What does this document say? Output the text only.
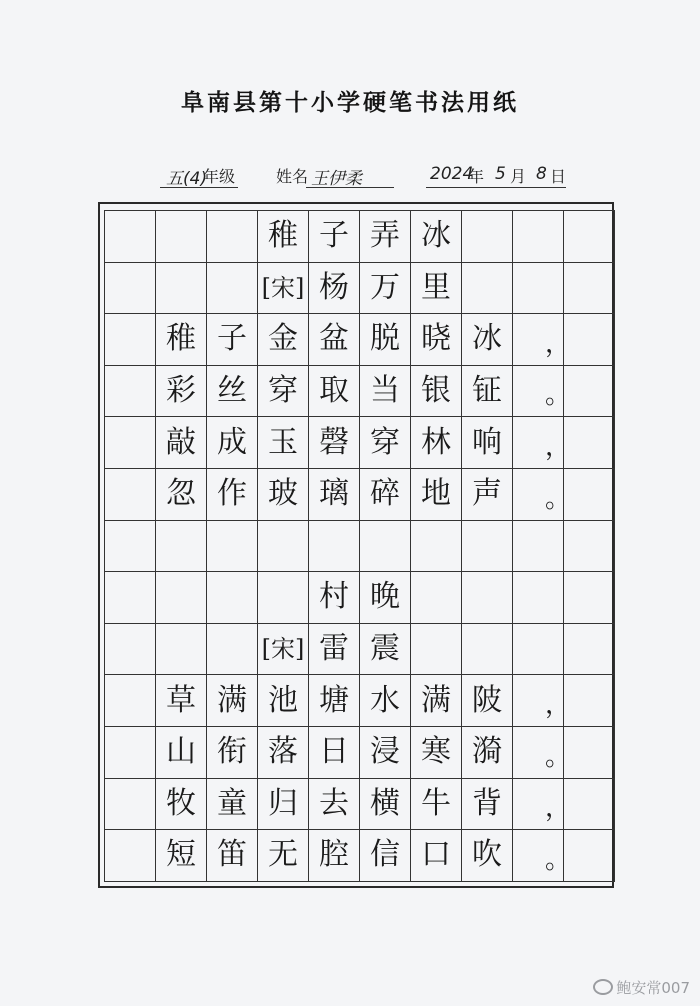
阜南县第十小学硬笔书法用纸
五(4)
年级	姓名 王伊柔	2024
年 5 月 8 日
稚 子 弄 冰
[宋] 杨 万 里
稚 子 金 盆 脱 晓 冰 ，
彩 丝 穿 取 当 银 钲 。
敲 成 玉 磬 穿 林 响 ，
忽 作 玻 璃 碎 地 声 。
村 晚
[宋] 雷 震
草 满 池 塘 水 满 陂 ，
山 衔 落 日 浸 寒 漪 。
牧 童 归 去 横 牛 背 ，
短 笛 无 腔 信 口 吹 。
鲍安常007
